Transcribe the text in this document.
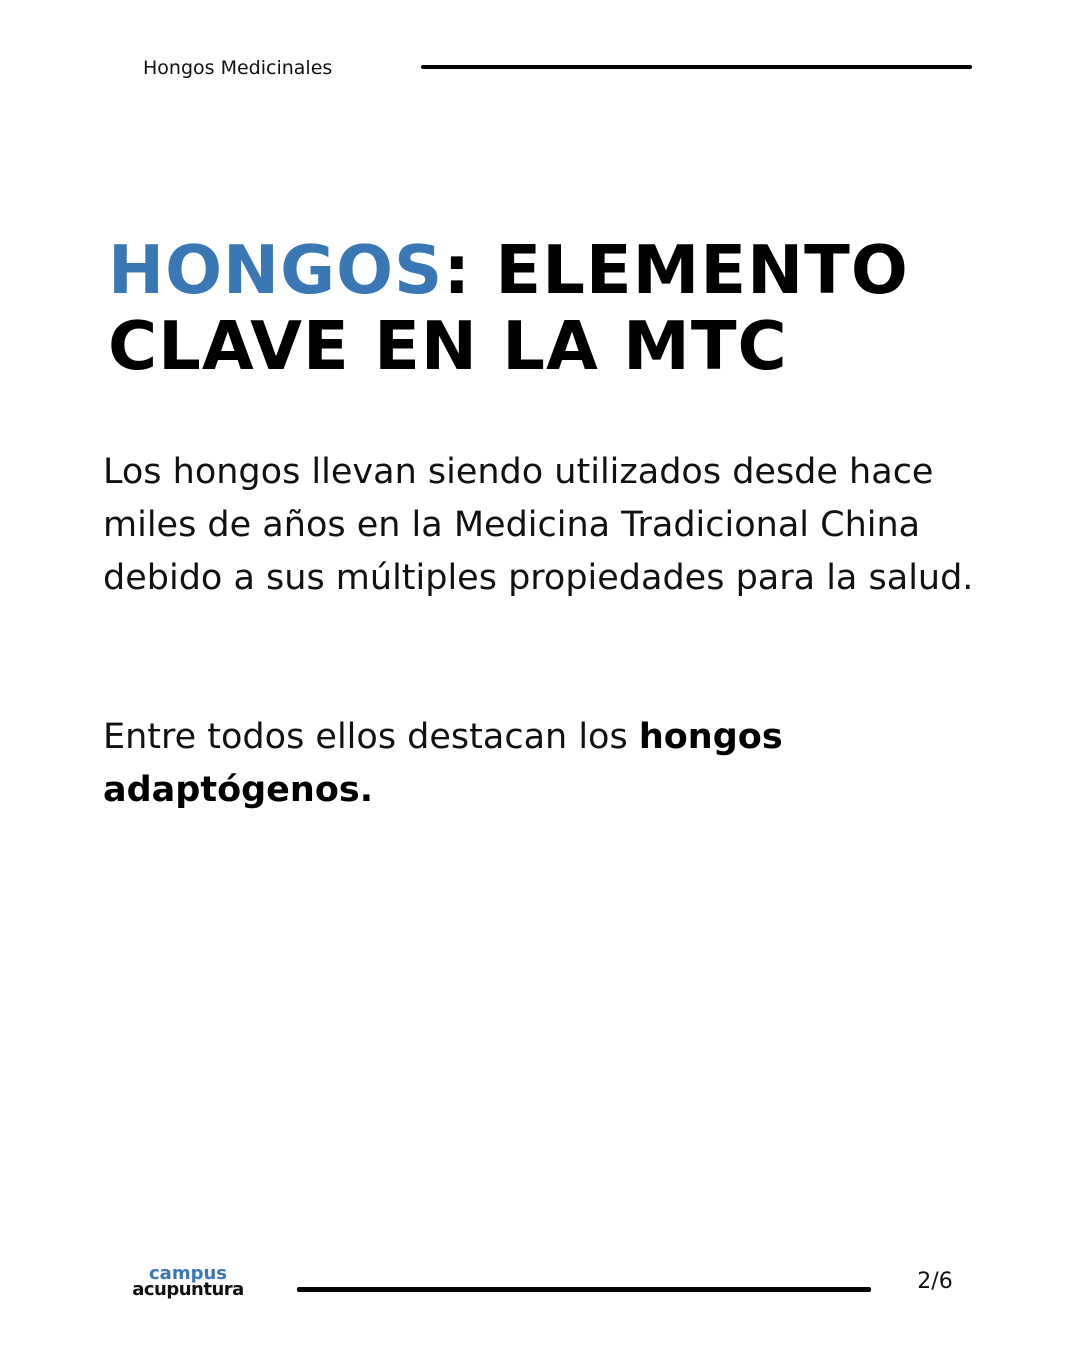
Hongos Medicinales
HONGOS: ELEMENTO CLAVE EN LA MTC

Los hongos llevan siendo utilizados desde hace miles de años en la Medicina Tradicional China debido a sus múltiples propiedades para la salud.

Entre todos ellos destacan los hongos adaptógenos.

campus
acupuntura	2/6
